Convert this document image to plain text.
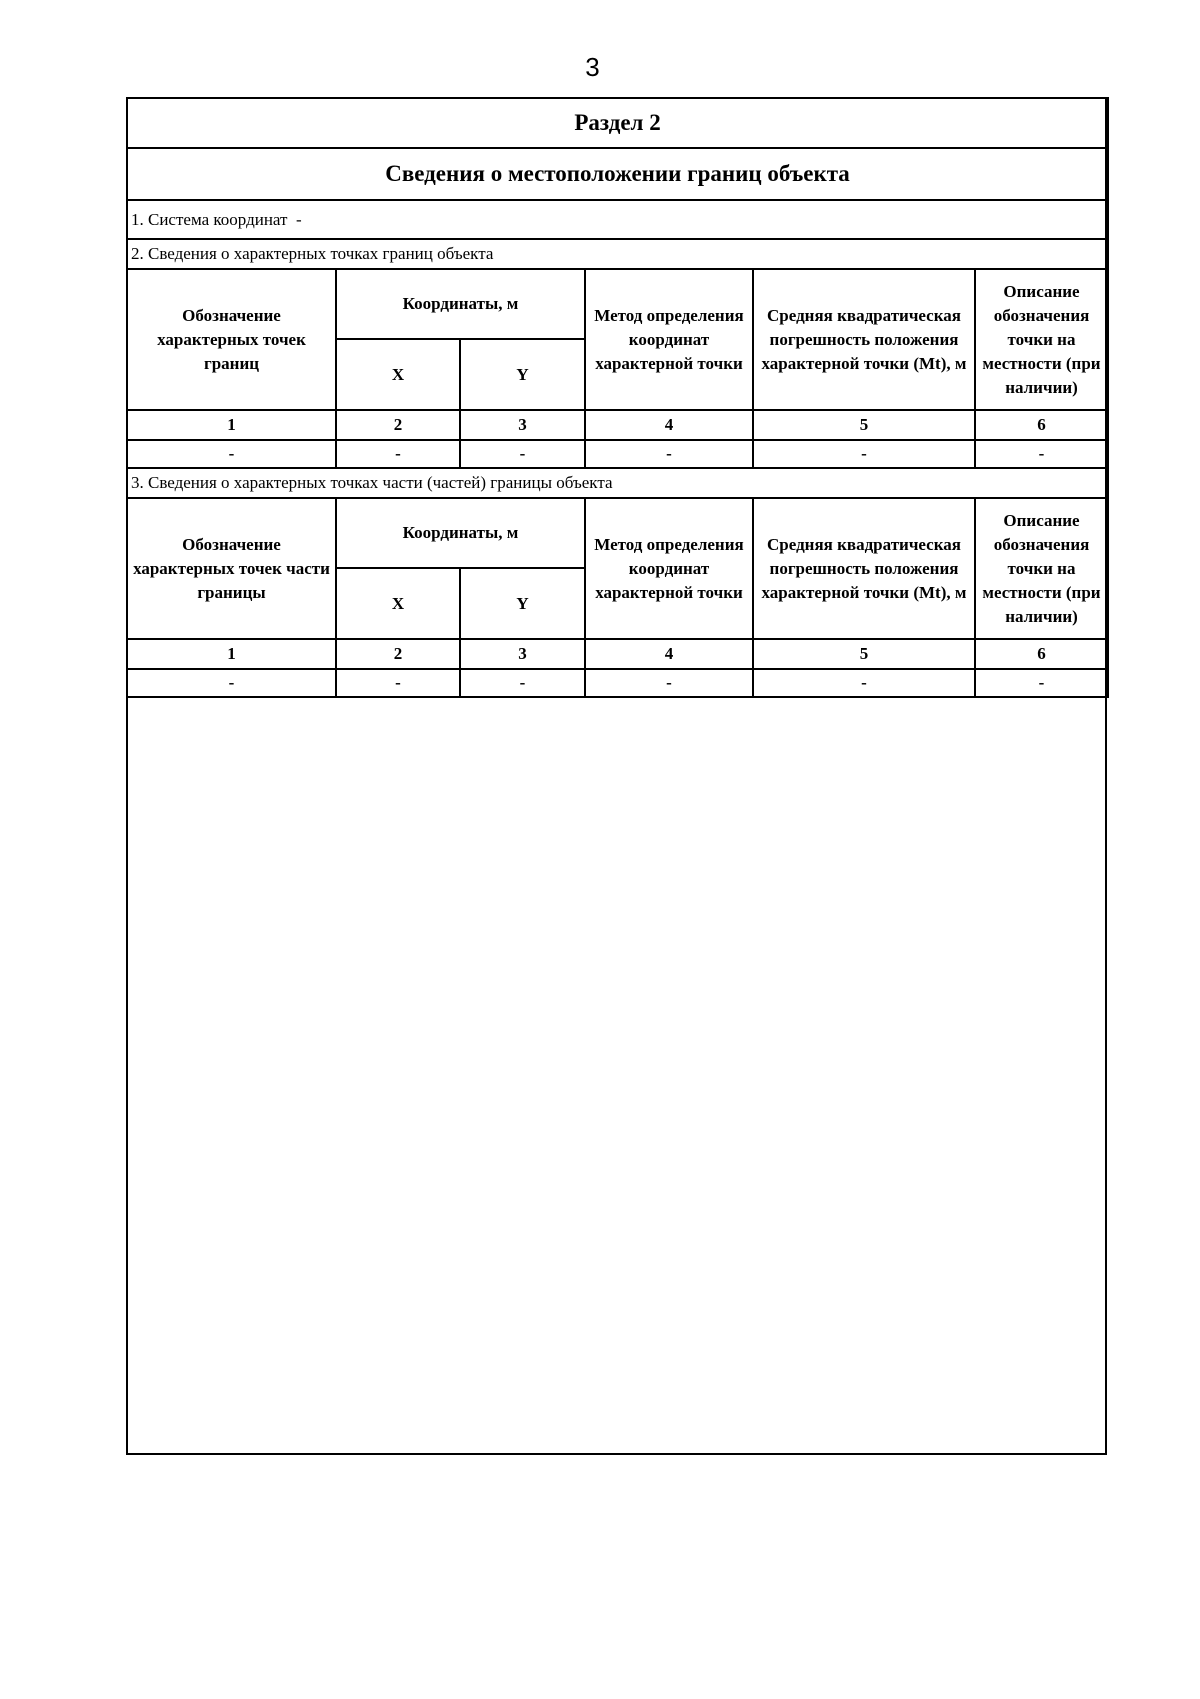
3
Раздел 2					
Сведения о местоположении границ объекта					
1. Система координат -					
2. Сведения о характерных точках границ объекта					
Обозначение характерных точек границ	Координаты, м		Метод определения координат характерной точки	Средняя квадратическая погрешность положения характерной точки (Mt), м	Описание обозначения точки на местности (при наличии)
	X	Y			
1	2	3	4	5	6
-	-	-	-	-	-
3. Сведения о характерных точках части (частей) границы объекта					
Обозначение характерных точек части границы	Координаты, м		Метод определения координат характерной точки	Средняя квадратическая погрешность положения характерной точки (Mt), м	Описание обозначения точки на местности (при наличии)
	X	Y			
1	2	3	4	5	6
-	-	-	-	-	-
